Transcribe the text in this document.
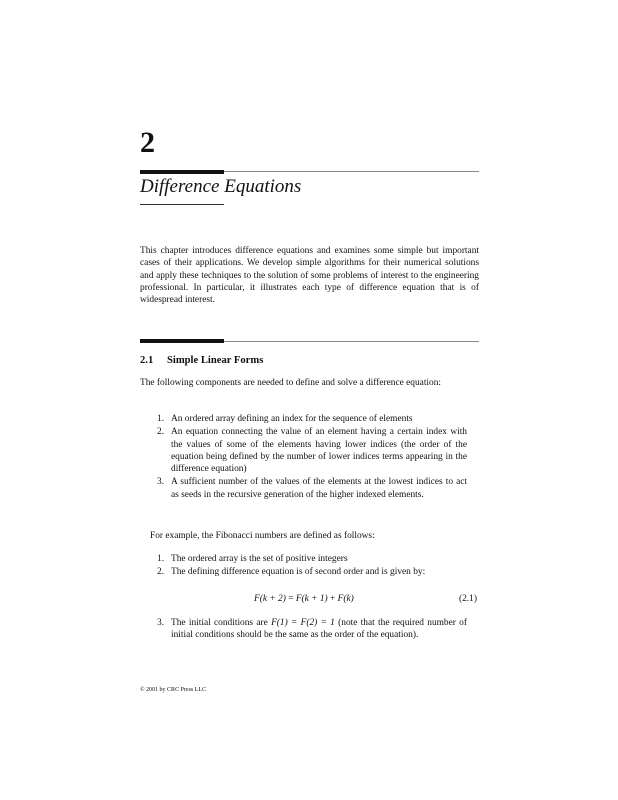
2
Difference Equations
This chapter introduces difference equations and examines some simple but important cases of their applications. We develop simple algorithms for their numerical solutions and apply these techniques to the solution of some problems of interest to the engineering professional. In particular, it illustrates each type of difference equation that is of widespread interest.
2.1 Simple Linear Forms
The following components are needed to define and solve a difference equation:
1. An ordered array defining an index for the sequence of elements
2. An equation connecting the value of an element having a certain index with the values of some of the elements having lower indices (the order of the equation being defined by the number of lower indices terms appearing in the difference equation)
3. A sufficient number of the values of the elements at the lowest indices to act as seeds in the recursive generation of the higher indexed elements.
For example, the Fibonacci numbers are defined as follows:
1. The ordered array is the set of positive integers
2. The defining difference equation is of second order and is given by:
F(k + 2) = F(k + 1) + F(k)	(2.1)
3. The initial conditions are F(1) = F(2) = 1 (note that the required number of initial conditions should be the same as the order of the equation).
© 2001 by CRC Press LLC
